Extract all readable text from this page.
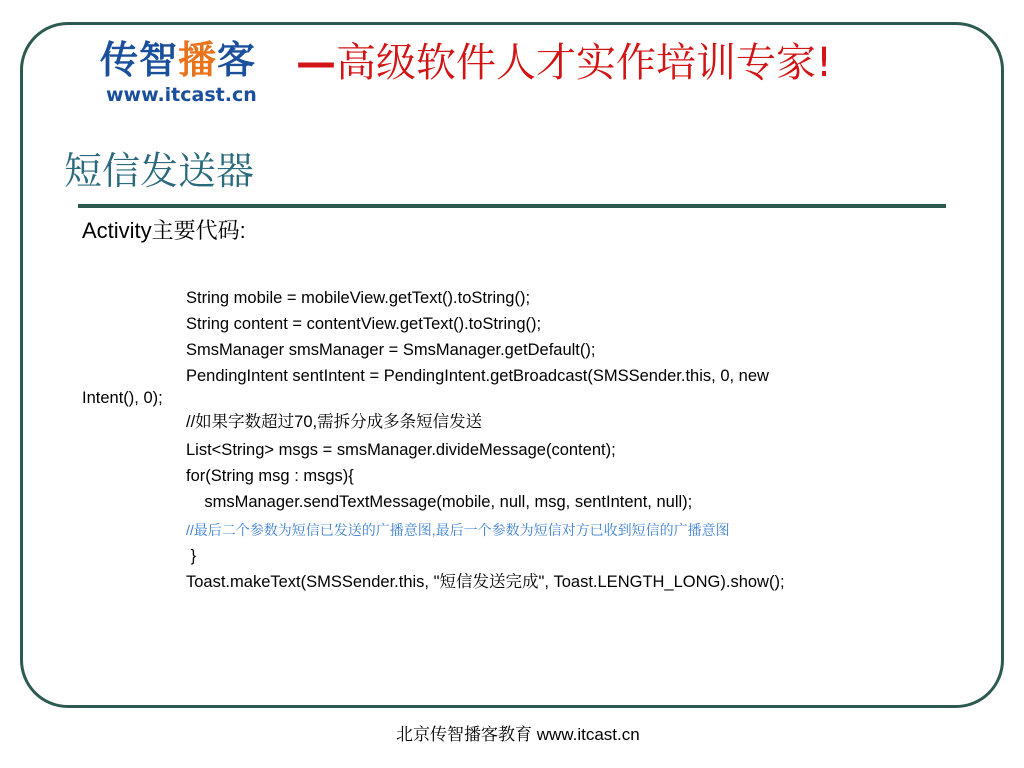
传智播客
www.itcast.cn
—高级软件人才实作培训专家!
短信发送器
Activity主要代码:
String mobile = mobileView.getText().toString();
String content = contentView.getText().toString();
SmsManager smsManager = SmsManager.getDefault();
PendingIntent sentIntent = PendingIntent.getBroadcast(SMSSender.this, 0, new
Intent(), 0);
//如果字数超过70,需拆分成多条短信发送
List<String> msgs = smsManager.divideMessage(content);
for(String msg : msgs){
smsManager.sendTextMessage(mobile, null, msg, sentIntent, null);
//最后二个参数为短信已发送的广播意图,最后一个参数为短信对方已收到短信的广播意图
}
Toast.makeText(SMSSender.this, "短信发送完成", Toast.LENGTH_LONG).show();
北京传智播客教育 www.itcast.cn
